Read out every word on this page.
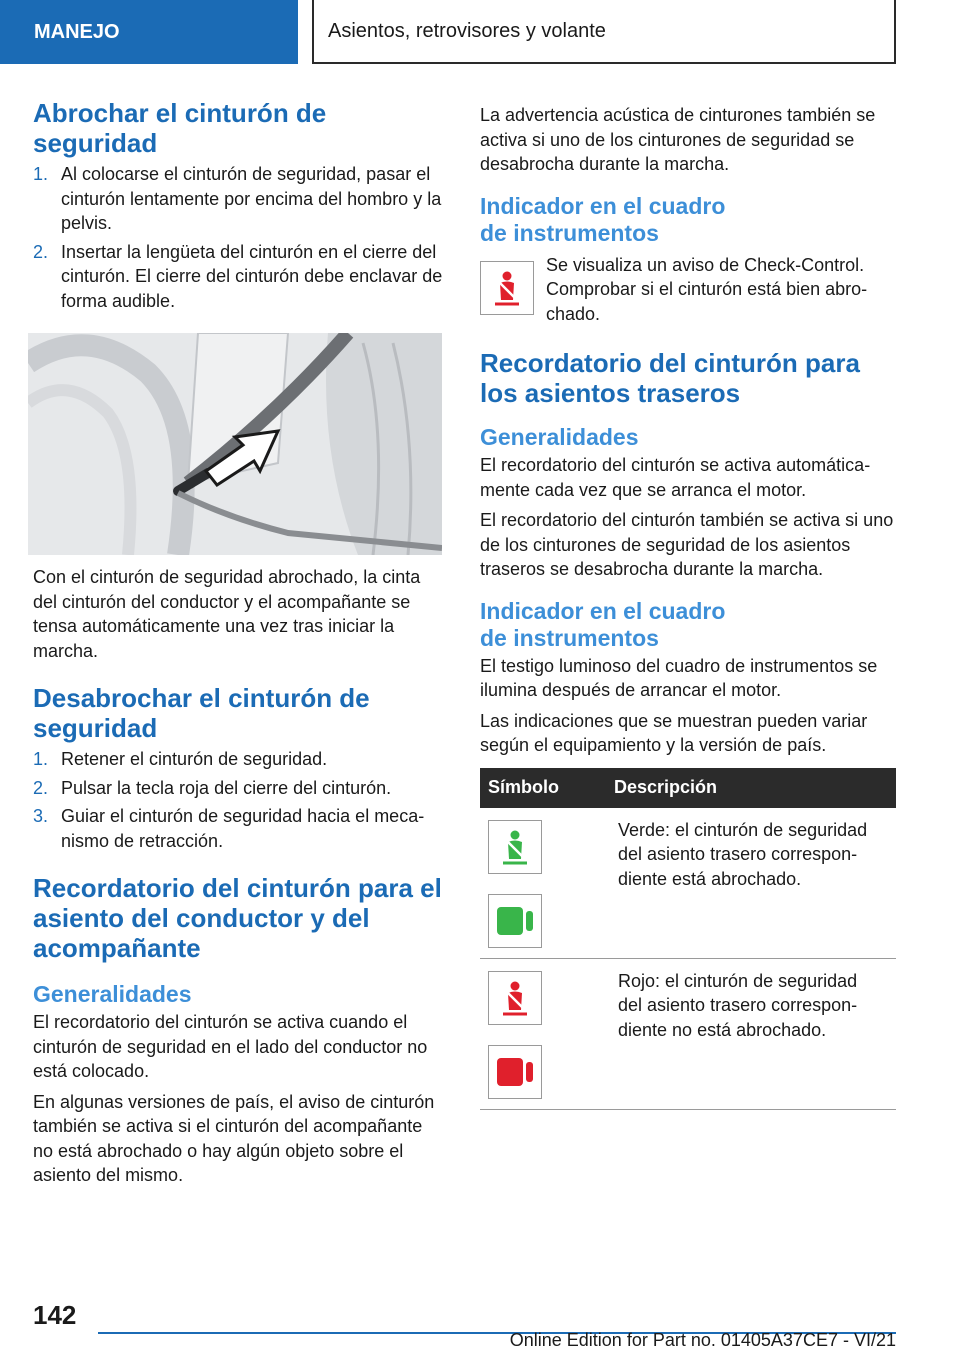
MANEJO	Asientos, retrovisores y volante
Abrochar el cinturón de seguridad
1. Al colocarse el cinturón de seguridad, pasar el cinturón lentamente por encima del hombro y la pelvis.
2. Insertar la lengüeta del cinturón en el cierre del cinturón. El cierre del cinturón debe enclavar de forma audible.

Con el cinturón de seguridad abrochado, la cinta del cinturón del conductor y el acompañante se tensa automáticamente una vez tras iniciar la marcha.

Desabrochar el cinturón de seguridad
1. Retener el cinturón de seguridad.
2. Pulsar la tecla roja del cierre del cinturón.
3. Guiar el cinturón de seguridad hacia el mecanismo de retracción.
Recordatorio del cinturón para el asiento del conductor y del acompañante
Generalidades

El recordatorio del cinturón se activa cuando el cinturón de seguridad en el lado del conductor no está colocado.

En algunas versiones de país, el aviso de cinturón también se activa si el cinturón del acompañante no está abrochado o hay algún objeto sobre el asiento del mismo.

La advertencia acústica de cinturones también se activa si uno de los cinturones de seguridad se desabrocha durante la marcha.

Indicador en el cuadro de instrumentos

Se visualiza un aviso de Check-Control. Comprobar si el cinturón está bien abrochado.

Recordatorio del cinturón para los asientos traseros
Generalidades

El recordatorio del cinturón se activa automáticamente cada vez que se arranca el motor.

El recordatorio del cinturón también se activa si uno de los cinturones de seguridad de los asientos traseros se desabrocha durante la marcha.

Indicador en el cuadro de instrumentos

El testigo luminoso del cuadro de instrumentos se ilumina después de arrancar el motor.

Las indicaciones que se muestran pueden variar según el equipamiento y la versión de país.

Símbolo	Descripción

	Verde: el cinturón de seguridad del asiento trasero correspondiente está abrochado.

	Rojo: el cinturón de seguridad del asiento trasero correspondiente no está abrochado.
142
Online Edition for Part no. 01405A37CE7 - VI/21
